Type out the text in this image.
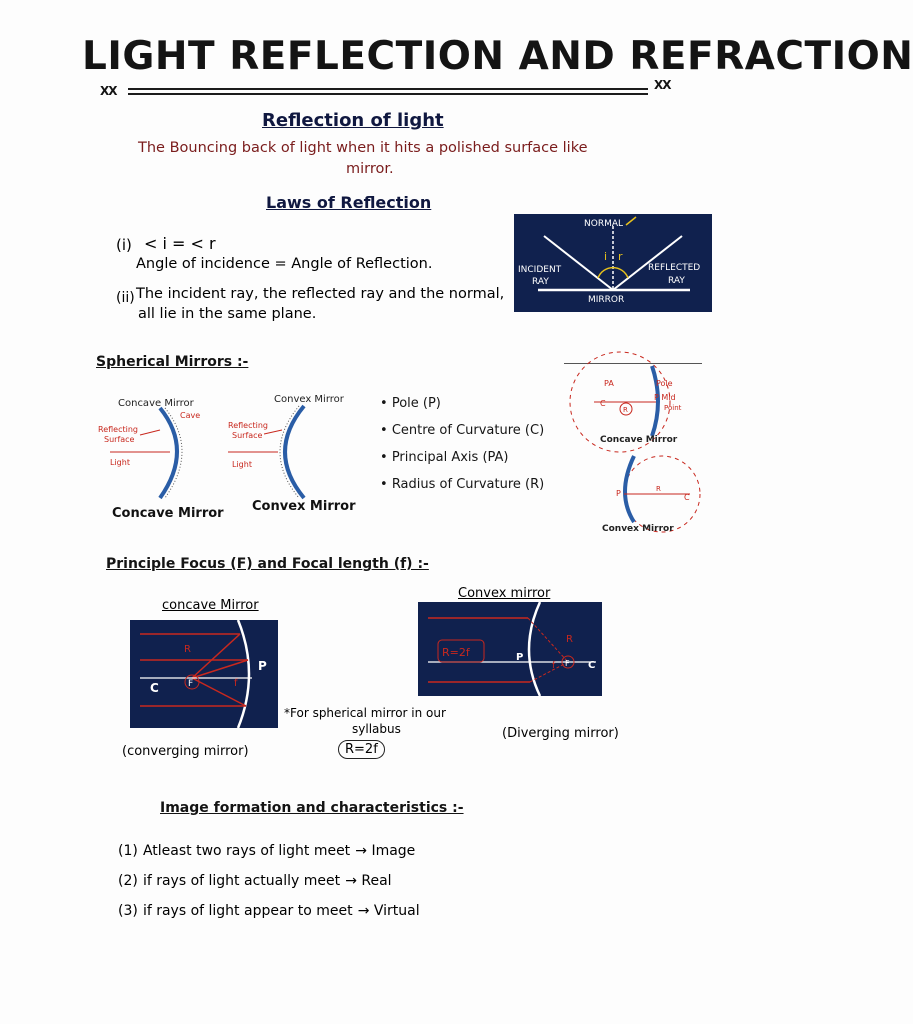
LIGHT REFLECTION AND REFRACTION
XX	XX
Reflection of light
The Bouncing back of light when it hits a polished surface like
mirror.
Laws of Reflection
(i) < i = < r
Angle of incidence = Angle of Reflection.
(ii) The incident ray, the reflected ray and the normal,
all lie in the same plane.
NORMAL
INCIDENT
RAY
REFLECTED
RAY
MIRROR
i r
Spherical Mirrors :-
Concave Mirror
Cave
Reflecting
Surface
Light
Convex Mirror
Reflecting
Surface
Light
Concave Mirror Convex Mirror
• Pole (P)
• Centre of Curvature (C)
• Principal Axis (PA)
• Radius of Curvature (R)
PA	Pole
P Mid
Point
C
R
Concave Mirror
P	C
R
Convex Mirror
Principle Focus (F) and Focal length (f) :-
concave Mirror
Convex mirror
P
C	F
R
f
R=2f	P
C
F
R
f
*For spherical mirror in our
syllabus
R=2f
(converging mirror)
(Diverging mirror)
Image formation and characteristics :-
(1) Atleast two rays of light meet → Image
(2) if rays of light actually meet → Real
(3) if rays of light appear to meet → Virtual
